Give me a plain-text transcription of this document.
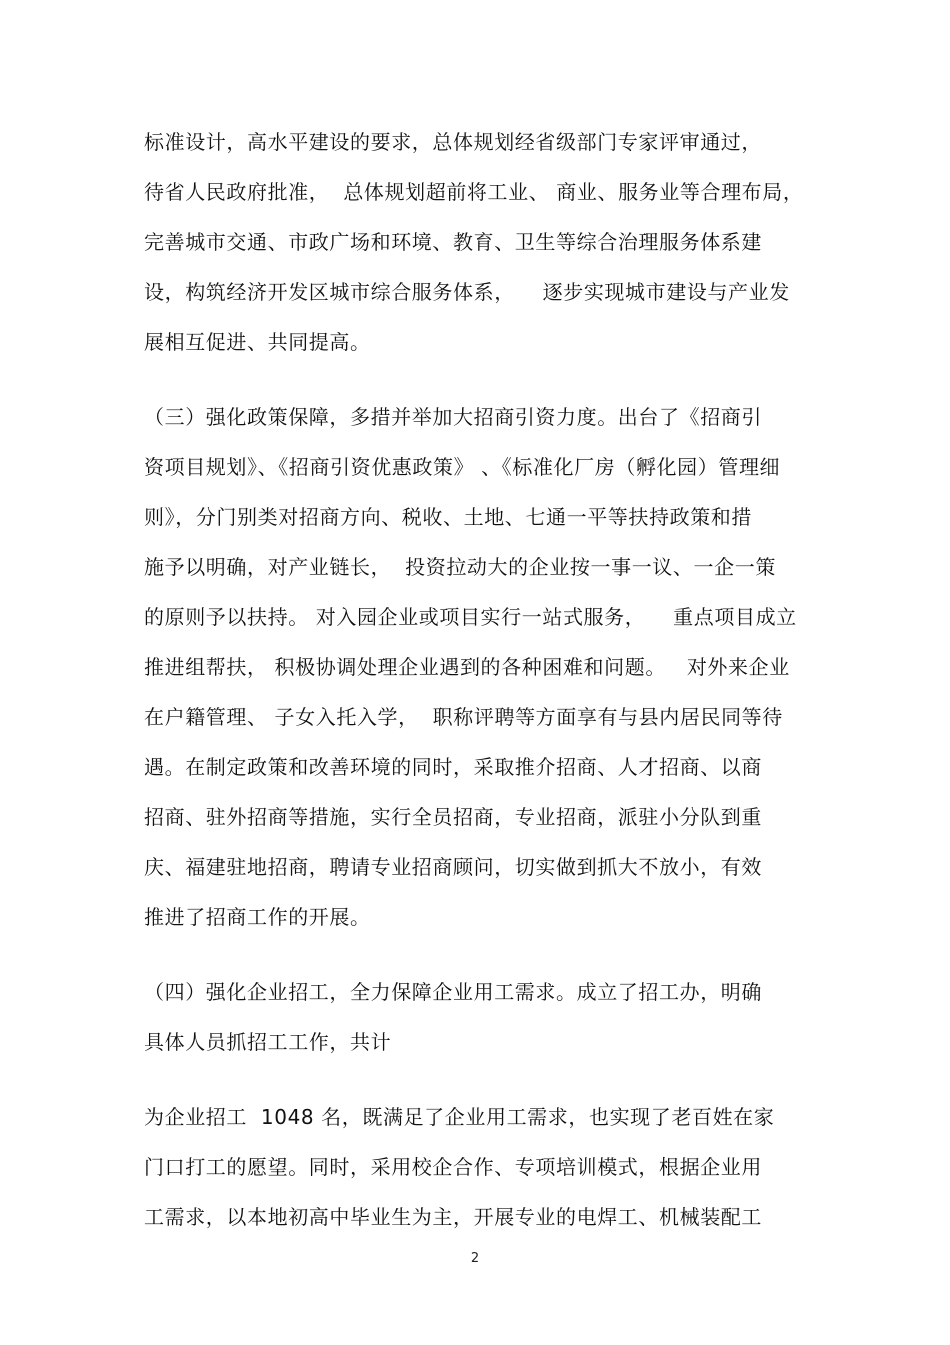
标准设计，高水平建设的要求，总体规划经省级部门专家评审通过，
待省人民政府批准，  总体规划超前将工业、 商业、服务业等合理布局，
完善城市交通、市政广场和环境、教育、卫生等综合治理服务体系建
设，构筑经济开发区城市综合服务体系，    逐步实现城市建设与产业发
展相互促进、共同提高。
（三）强化政策保障，多措并举加大招商引资力度。出台了《招商引
资项目规划》、《招商引资优惠政策》 、《标准化厂房（孵化园）管理细
则》，分门别类对招商方向、税收、土地、七通一平等扶持政策和措
施予以明确，对产业链长，  投资拉动大的企业按一事一议、一企一策
的原则予以扶持。 对入园企业或项目实行一站式服务，    重点项目成立
推进组帮扶， 积极协调处理企业遇到的各种困难和问题。   对外来企业
在户籍管理、 子女入托入学，  职称评聘等方面享有与县内居民同等待
遇。在制定政策和改善环境的同时，采取推介招商、人才招商、以商
招商、驻外招商等措施，实行全员招商，专业招商，派驻小分队到重
庆、福建驻地招商，聘请专业招商顾问，切实做到抓大不放小，有效
推进了招商工作的开展。
（四）强化企业招工，全力保障企业用工需求。成立了招工办，明确
具体人员抓招工工作，共计
为企业招工  1048 名，既满足了企业用工需求，也实现了老百姓在家
门口打工的愿望。同时，采用校企合作、专项培训模式，根据企业用
工需求，以本地初高中毕业生为主，开展专业的电焊工、机械装配工
2
